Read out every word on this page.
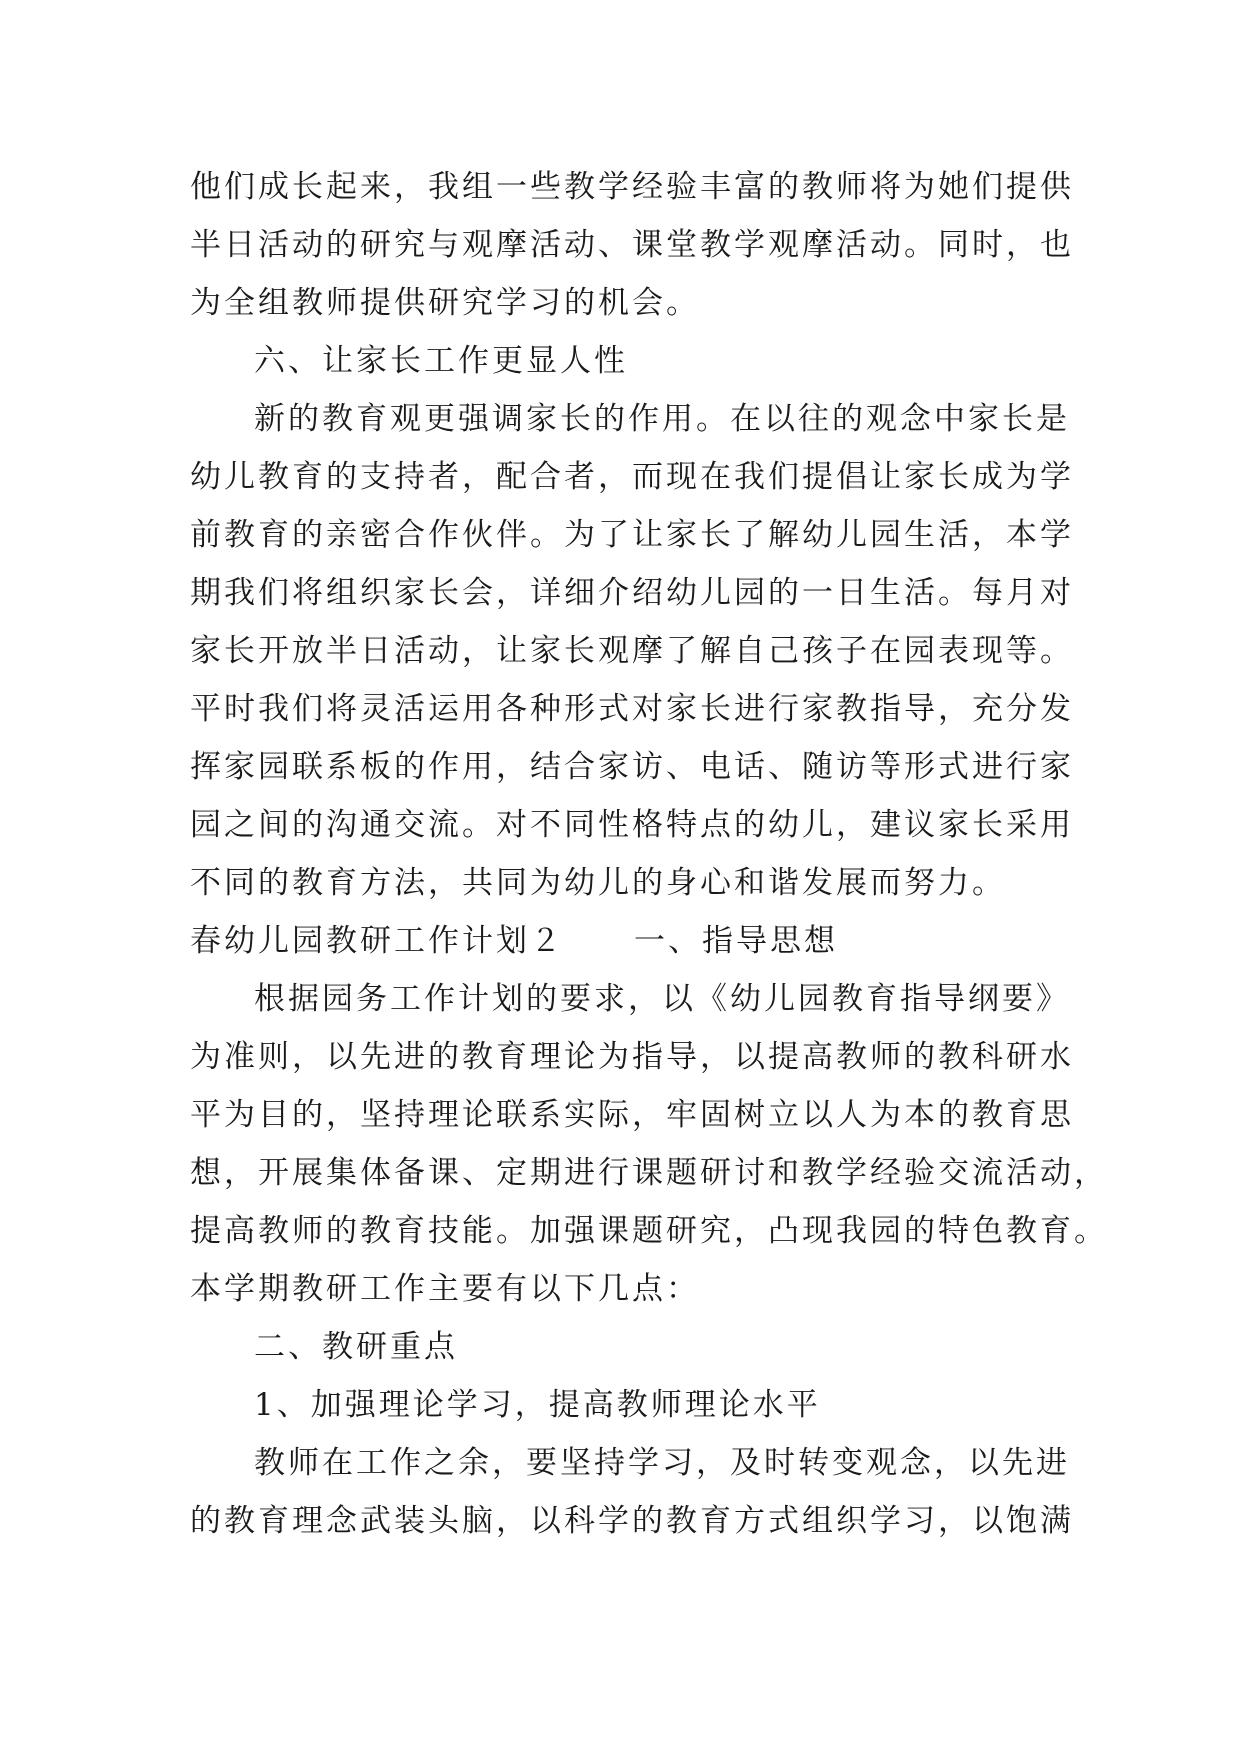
他们成长起来，我组一些教学经验丰富的教师将为她们提供
半日活动的研究与观摩活动、课堂教学观摩活动。同时，也
为全组教师提供研究学习的机会。
六、让家长工作更显人性
新的教育观更强调家长的作用。在以往的观念中家长是
幼儿教育的支持者，配合者，而现在我们提倡让家长成为学
前教育的亲密合作伙伴。为了让家长了解幼儿园生活，本学
期我们将组织家长会，详细介绍幼儿园的一日生活。每月对
家长开放半日活动，让家长观摩了解自己孩子在园表现等。
平时我们将灵活运用各种形式对家长进行家教指导，充分发
挥家园联系板的作用，结合家访、电话、随访等形式进行家
园之间的沟通交流。对不同性格特点的幼儿，建议家长采用
不同的教育方法，共同为幼儿的身心和谐发展而努力。
春幼儿园教研工作计划２ 一、指导思想
根据园务工作计划的要求，以《幼儿园教育指导纲要》
为准则，以先进的教育理论为指导，以提高教师的教科研水
平为目的，坚持理论联系实际，牢固树立以人为本的教育思
想，开展集体备课、定期进行课题研讨和教学经验交流活动，
提高教师的教育技能。加强课题研究，凸现我园的特色教育。
本学期教研工作主要有以下几点：
二、教研重点
1、加强理论学习，提高教师理论水平
教师在工作之余，要坚持学习，及时转变观念，以先进
的教育理念武装头脑，以科学的教育方式组织学习，以饱满
